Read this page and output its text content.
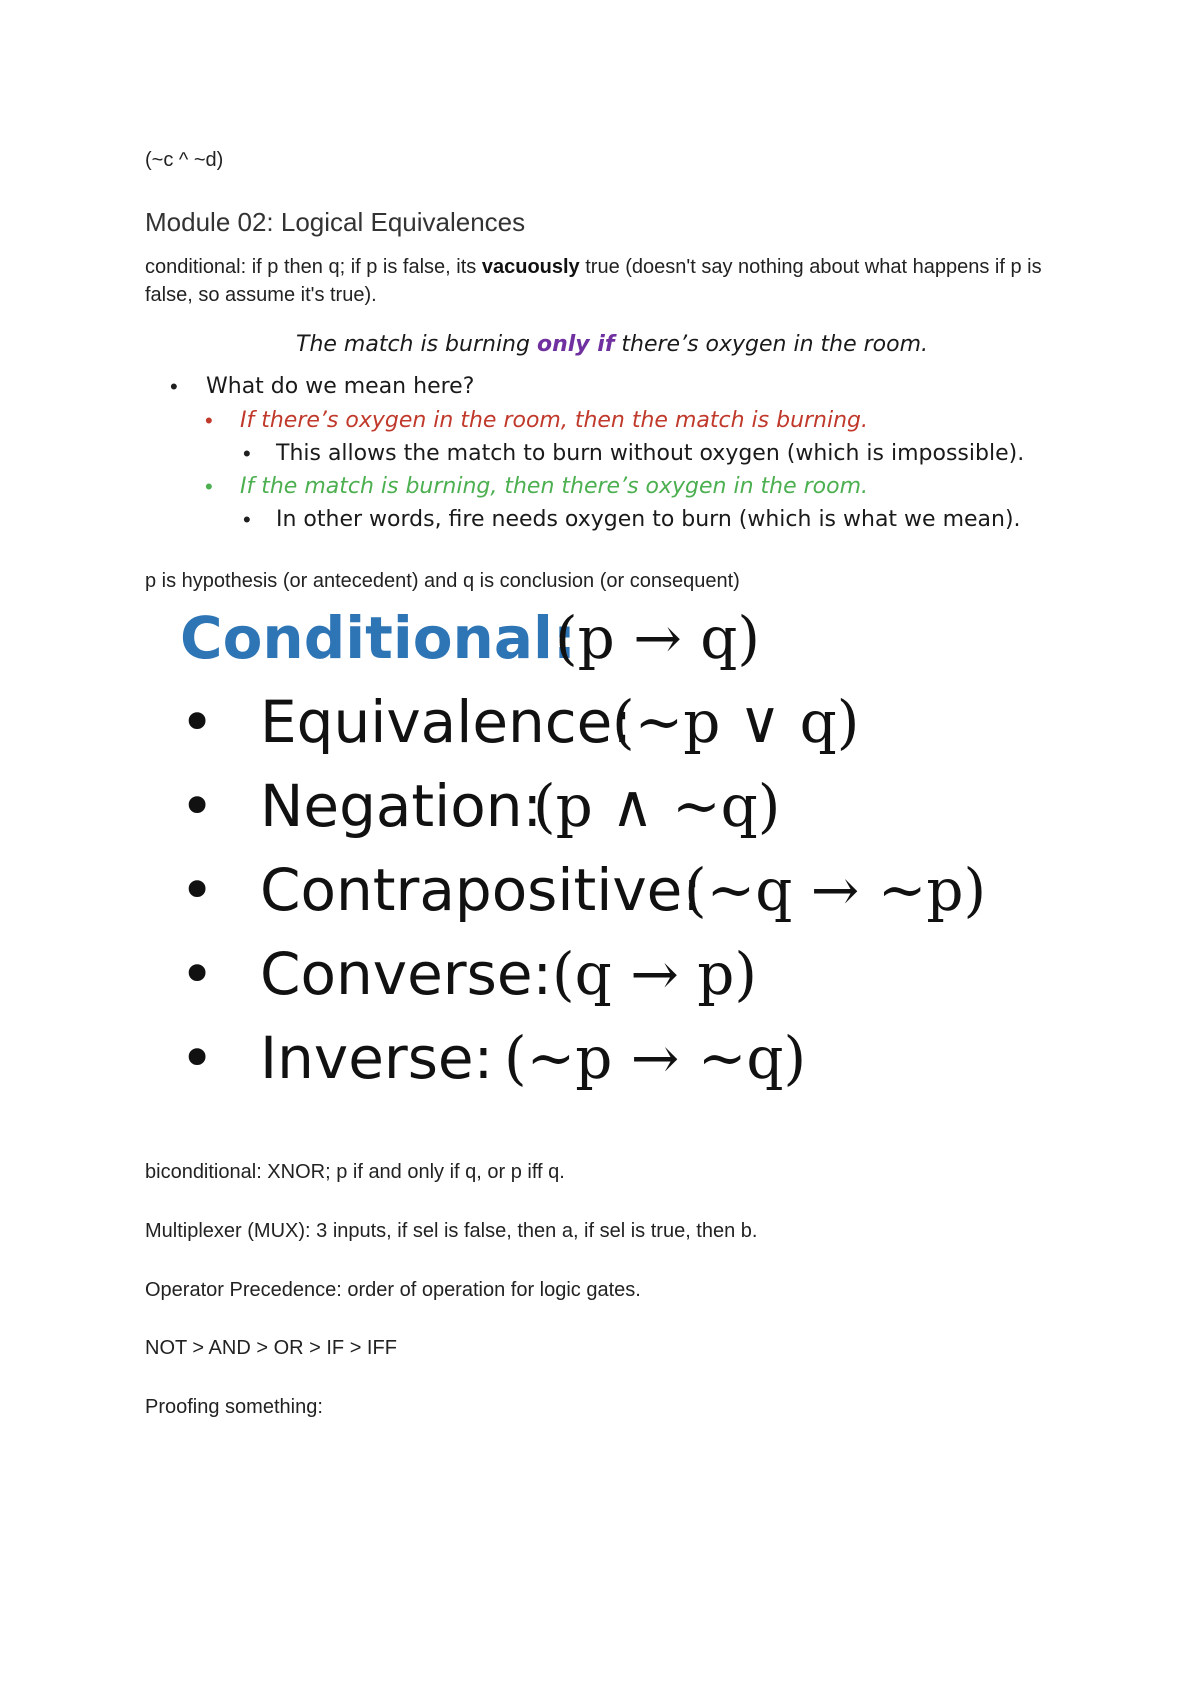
(~c ^ ~d)
Module 02: Logical Equivalences
conditional: if p then q; if p is false, its vacuously true (doesn't say nothing about what happens if p is false, so assume it's true).
The match is burning only if there’s oxygen in the room.
• What do we mean here?
• If there’s oxygen in the room, then the match is burning.
• This allows the match to burn without oxygen (which is impossible).
• If the match is burning, then there’s oxygen in the room.
• In other words, fire needs oxygen to burn (which is what we mean).
p is hypothesis (or antecedent) and q is conclusion (or consequent)
Conditional:
(p → q)
• Equivalence:
(~p ∨ q)
• Negation:
(p ∧ ~q)
• Contrapositive:
(~q → ~p)
• Converse: (q → p)
• Inverse: (~p → ~q)
biconditional: XNOR; p if and only if q, or p iff q.
Multiplexer (MUX): 3 inputs, if sel is false, then a, if sel is true, then b.
Operator Precedence: order of operation for logic gates.
NOT > AND > OR > IF > IFF
Proofing something:
